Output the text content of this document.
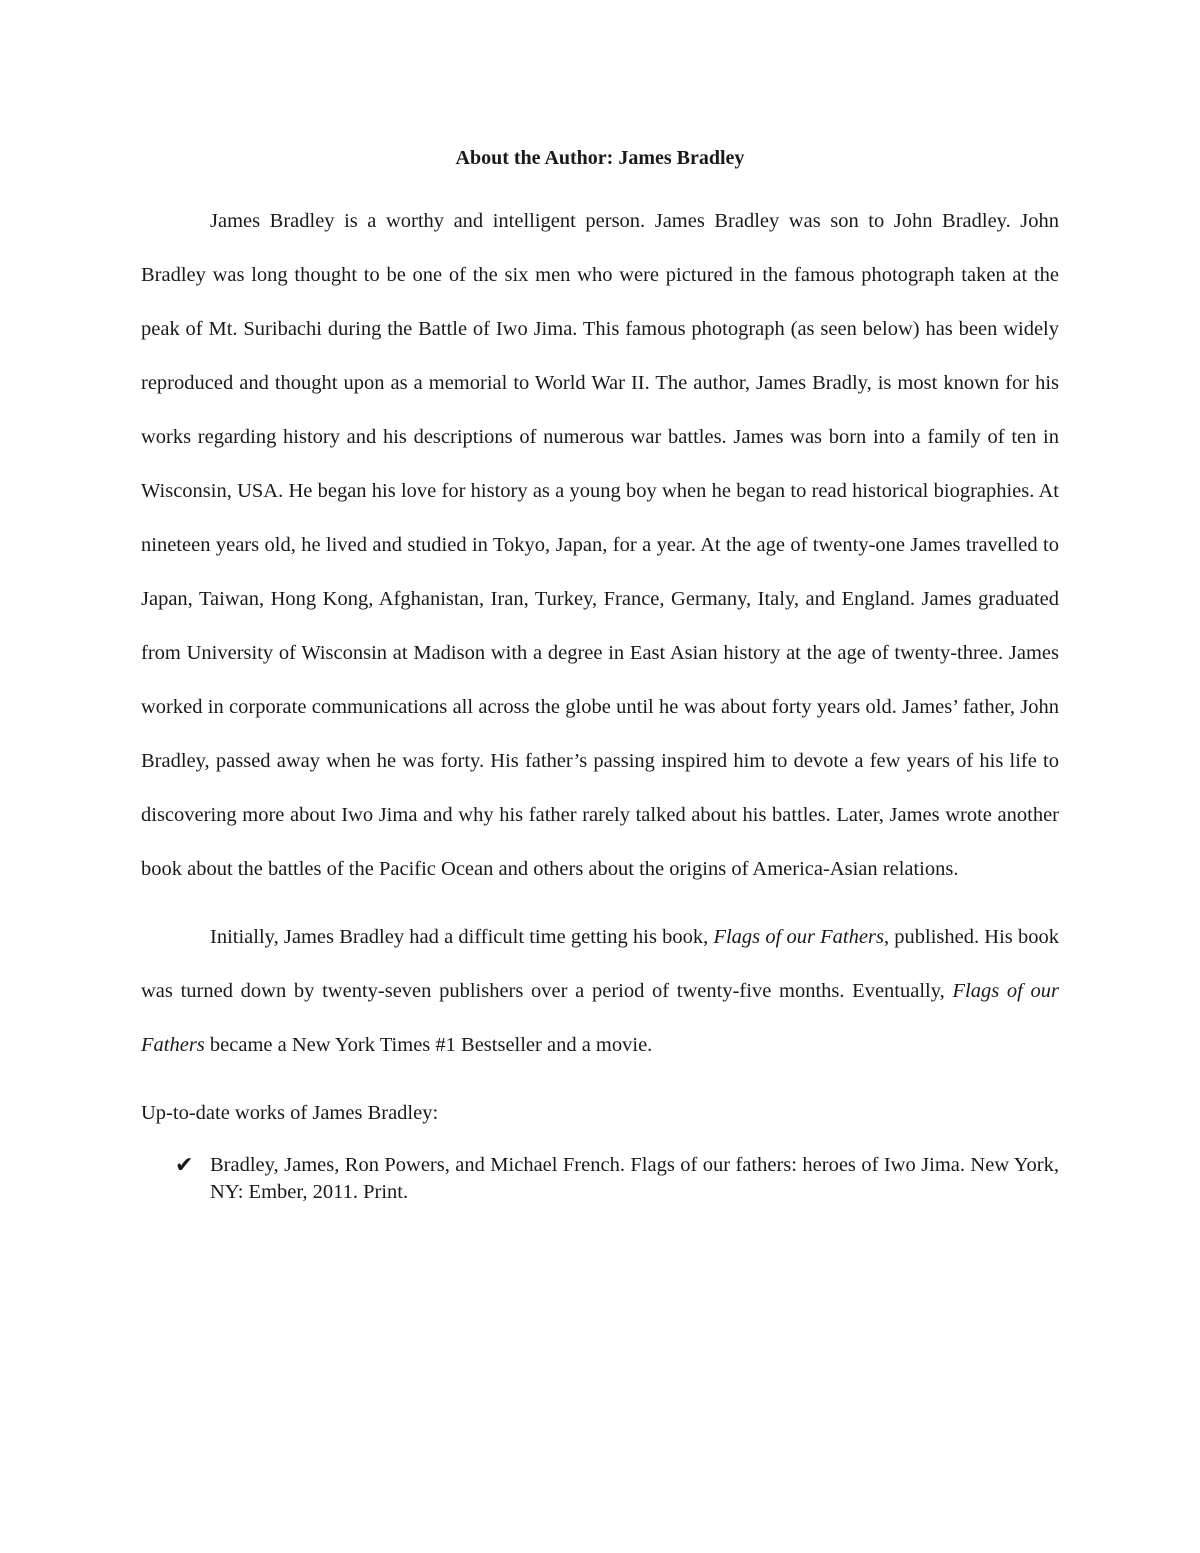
About the Author: James Bradley

James Bradley is a worthy and intelligent person. James Bradley was son to John Bradley. John Bradley was long thought to be one of the six men who were pictured in the famous photograph taken at the peak of Mt. Suribachi during the Battle of Iwo Jima. This famous photograph (as seen below) has been widely reproduced and thought upon as a memorial to World War II. The author, James Bradly, is most known for his works regarding history and his descriptions of numerous war battles. James was born into a family of ten in Wisconsin, USA. He began his love for history as a young boy when he began to read historical biographies. At nineteen years old, he lived and studied in Tokyo, Japan, for a year. At the age of twenty-one James travelled to Japan, Taiwan, Hong Kong, Afghanistan, Iran, Turkey, France, Germany, Italy, and England. James graduated from University of Wisconsin at Madison with a degree in East Asian history at the age of twenty-three. James worked in corporate communications all across the globe until he was about forty years old. James’ father, John Bradley, passed away when he was forty. His father’s passing inspired him to devote a few years of his life to discovering more about Iwo Jima and why his father rarely talked about his battles. Later, James wrote another book about the battles of the Pacific Ocean and others about the origins of America-Asian relations.

Initially, James Bradley had a difficult time getting his book, Flags of our Fathers, published. His book was turned down by twenty-seven publishers over a period of twenty-five months. Eventually, Flags of our Fathers became a New York Times #1 Bestseller and a movie.

Up-to-date works of James Bradley:

✔ Bradley, James, Ron Powers, and Michael French. Flags of our fathers: heroes of Iwo Jima. New York, NY: Ember, 2011. Print.
